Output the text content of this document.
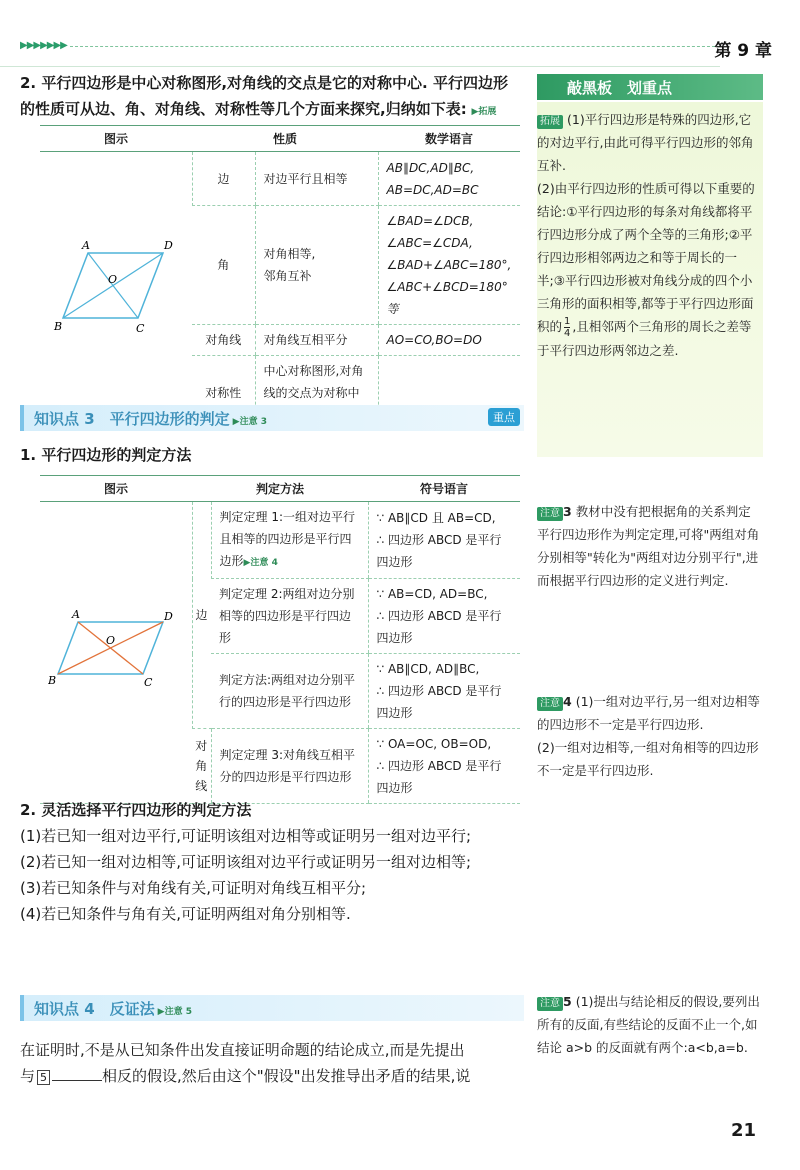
▶▶▶▶▶▶▶	第 9 章
2. 平行四边形是中心对称图形,对角线的交点是它的对称中心. 平行四边形的性质可从边、角、对角线、对称性等几个方面来探究,归纳如下表: ▶拓展
图示	性质		数学语言

A D
B C
O	边	对边平行且相等	AB∥DC,AD∥BC,
AB=DC,AD=BC
	角	对角相等,
邻角互补	∠BAD=∠DCB,
∠ABC=∠CDA,
∠BAD+∠ABC=180°,
∠ABC+∠BCD=180°等
	对角线	对角线互相平分	AO=CO,BO=DO
	对称性	中心对称图形,对角线的交点为对称中	
知识点 3　平行四边形的判定 ▶注意 3	重点
1. 平行四边形的判定方法
图示	判定方法		符号语言

A D
B C
O	边	判定定理 1:一组对边平行且相等的四边形是平行四边形▶注意 4	∵ AB∥CD 且 AB=CD,
∴ 四边形 ABCD 是平行四边形
		判定定理 2:两组对边分别相等的四边形是平行四边形	∵ AB=CD, AD=BC,
∴ 四边形 ABCD 是平行四边形
		判定方法:两组对边分别平行的四边形是平行四边形	∵ AB∥CD, AD∥BC,
∴ 四边形 ABCD 是平行四边形
	对角线	判定定理 3:对角线互相平分的四边形是平行四边形	∵ OA=OC, OB=OD,
∴ 四边形 ABCD 是平行四边形
2. 灵活选择平行四边形的判定方法
(1)若已知一组对边平行,可证明该组对边相等或证明另一组对边平行;
(2)若已知一组对边相等,可证明该组对边平行或证明另一组对边相等;
(3)若已知条件与对角线有关,可证明对角线互相平分;
(4)若已知条件与角有关,可证明两组对角分别相等.
知识点 4　反证法 ▶注意 5
在证明时,不是从已知条件出发直接证明命题的结论成立,而是先提出
与 5	相反的假设,然后由这个"假设"出发推导出矛盾的结果,说
敲黑板　划重点
拓展 (1)平行四边形是特殊的四边形,它的对边平行,由此可得平行四边形的邻角互补.
(2)由平行四边形的性质可得以下重要的结论:①平行四边形的每条对角线都将平行四边形分成了两个全等的三角形;②平行四边形相邻两边之和等于周长的一半;③平行四边形被对角线分成的四个小三角形的面积相等,都等于平行四边形面积的 $\frac{1}{4}$ ,且相邻两个三角形的周长之差等于平行四边形两邻边之差.
注意 3 教材中没有把根据角的关系判定平行四边形作为判定定理,可将"两组对角分别相等"转化为"两组对边分别平行",进而根据平行四边形的定义进行判定.
注意 4 (1)一组对边平行,另一组对边相等的四边形不一定是平行四边形.
(2)一组对边相等,一组对角相等的四边形不一定是平行四边形.
注意 5 (1)提出与结论相反的假设,要列出所有的反面,有些结论的反面不止一个,如结论 a>b 的反面就有两个:a<b,a=b.
21
